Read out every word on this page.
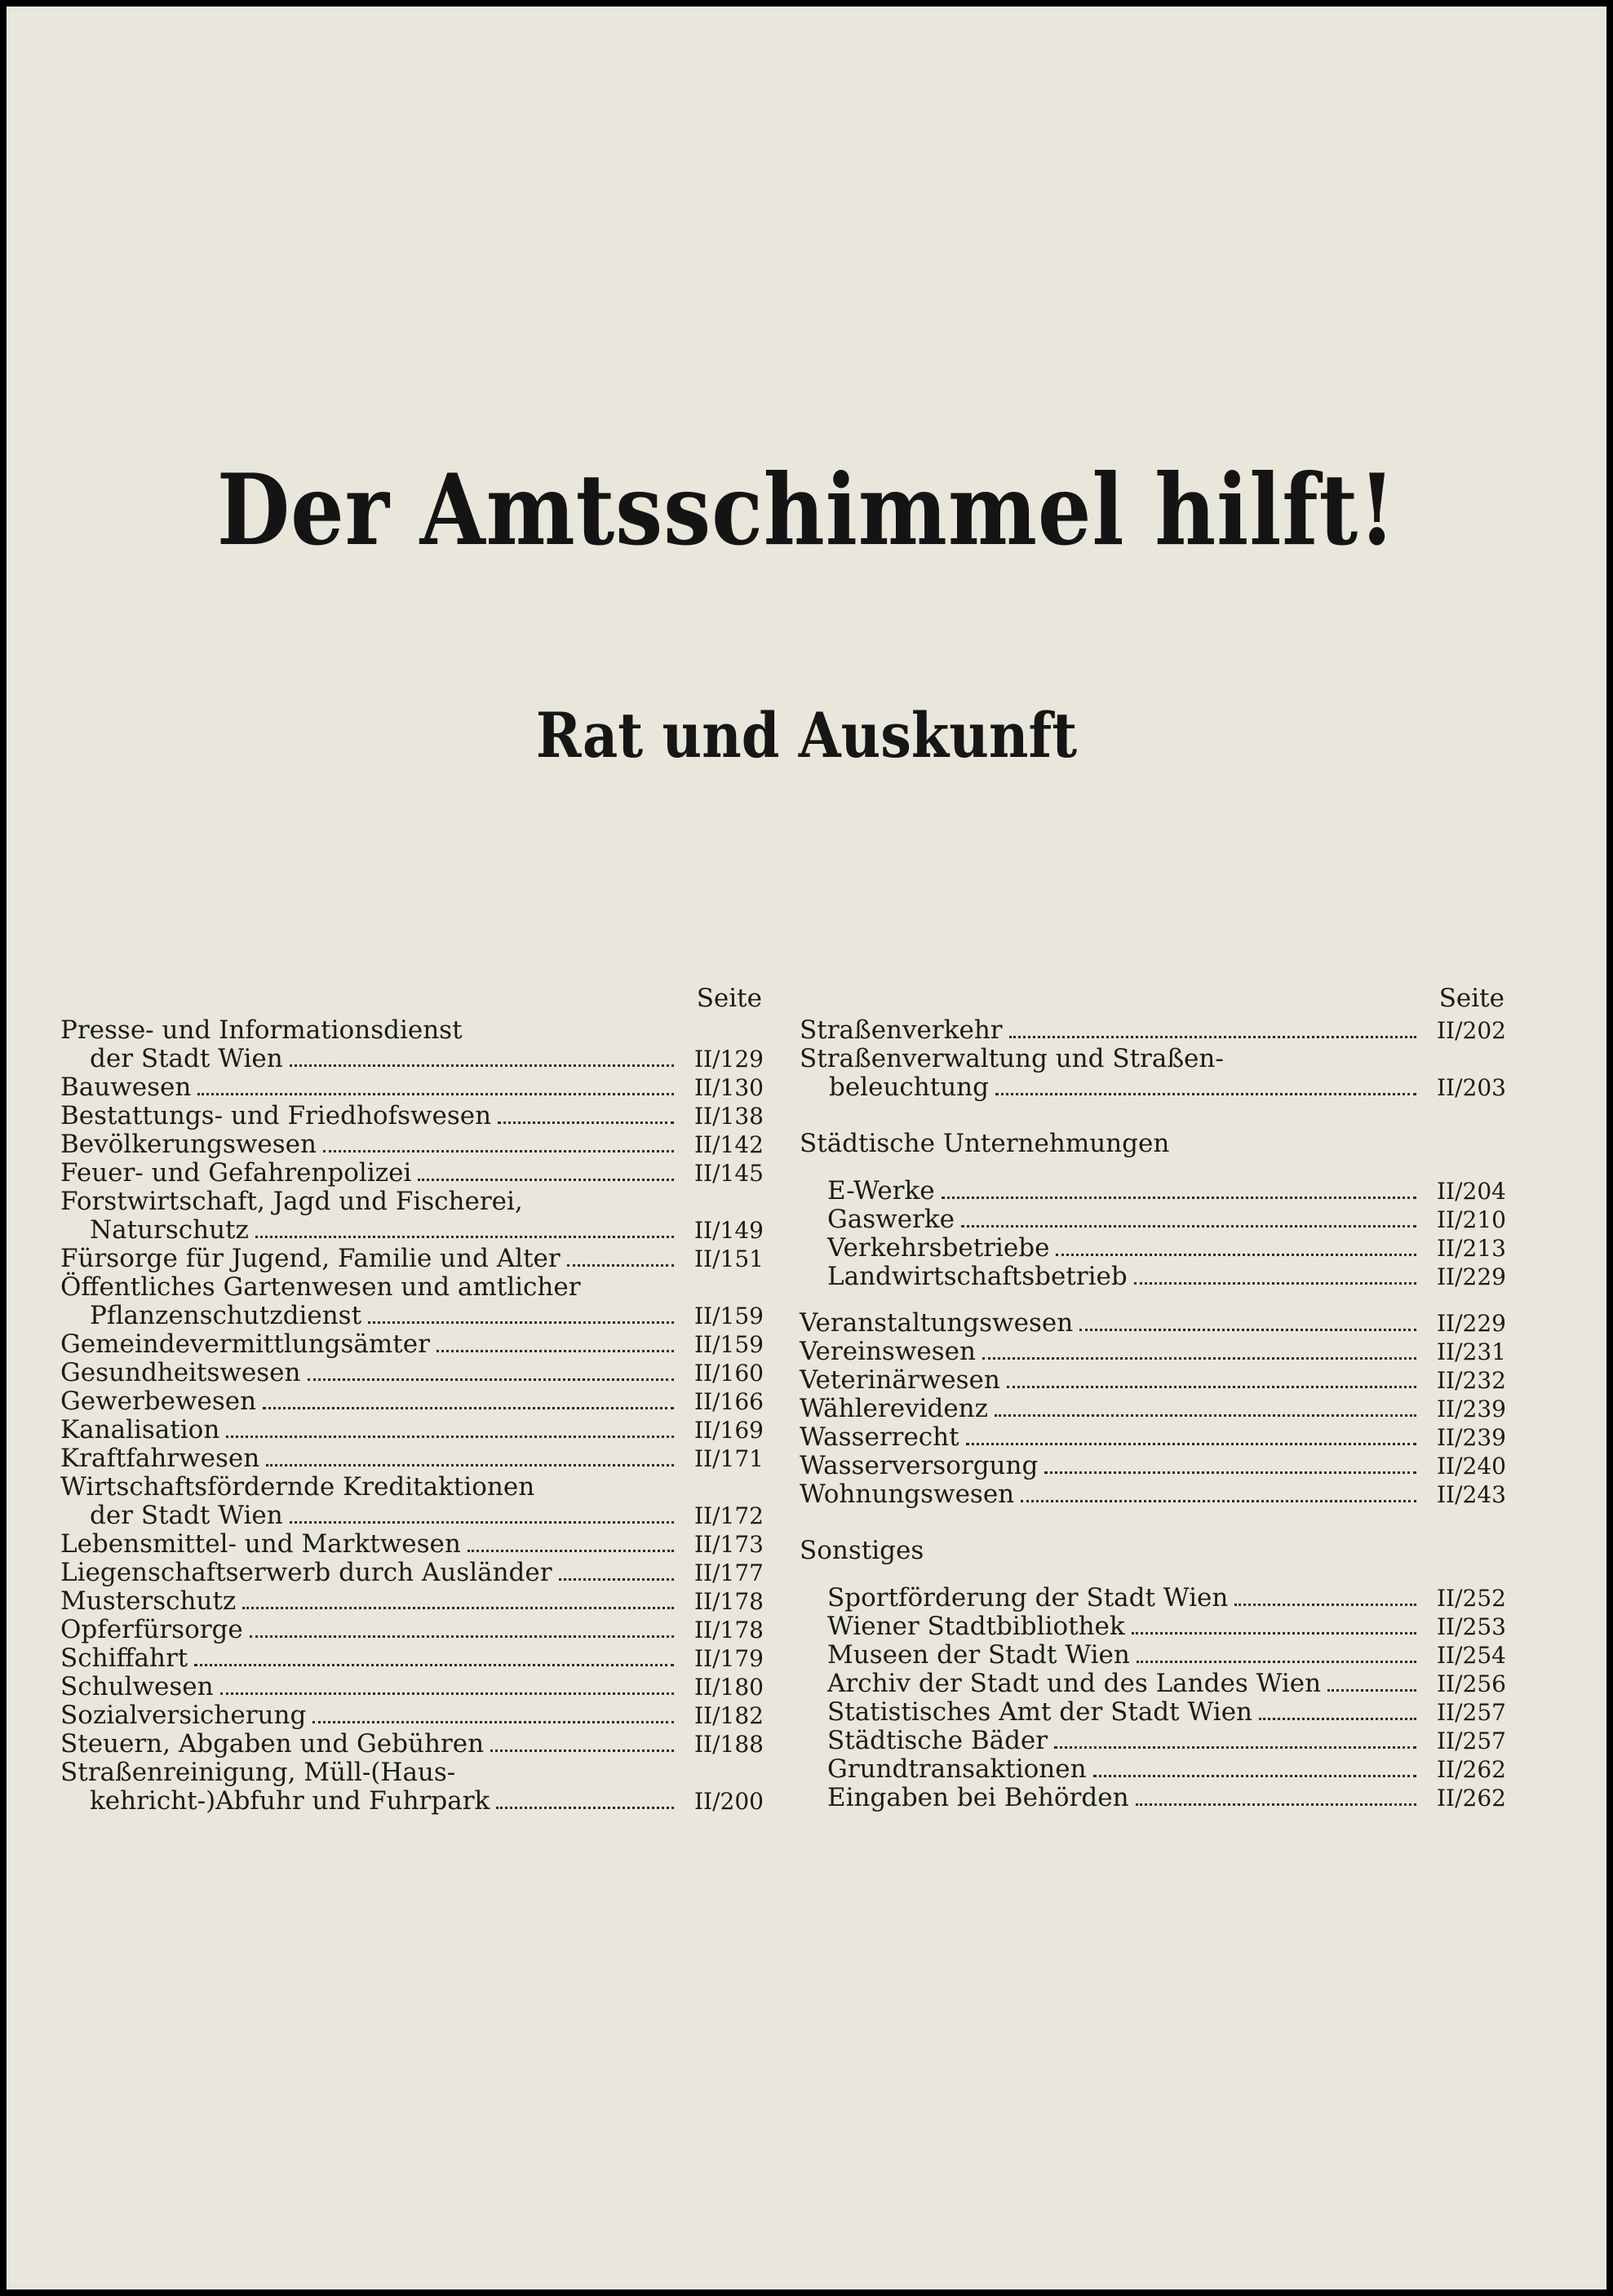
Der Amtsschimmel hilft!
Rat und Auskunft
Seite
Presse- und Informationsdienst
der Stadt Wien	II/129
Bauwesen	II/130
Bestattungs- und Friedhofswesen	II/138
Bevölkerungswesen	II/142
Feuer- und Gefahrenpolizei	II/145
Forstwirtschaft, Jagd und Fischerei,
Naturschutz	II/149
Fürsorge für Jugend, Familie und Alter	II/151
Öffentliches Gartenwesen und amtlicher
Pflanzenschutzdienst	II/159
Gemeindevermittlungsämter	II/159
Gesundheitswesen	II/160
Gewerbewesen	II/166
Kanalisation	II/169
Kraftfahrwesen	II/171
Wirtschaftsfördernde Kreditaktionen
der Stadt Wien	II/172
Lebensmittel- und Marktwesen	II/173
Liegenschaftserwerb durch Ausländer	II/177
Musterschutz	II/178
Opferfürsorge	II/178
Schiffahrt	II/179
Schulwesen	II/180
Sozialversicherung	II/182
Steuern, Abgaben und Gebühren	II/188
Straßenreinigung, Müll-(Haus-
kehricht-)Abfuhr und Fuhrpark	II/200
Seite
Straßenverkehr	II/202
Straßenverwaltung und Straßen-
beleuchtung	II/203
Städtische Unternehmungen
E-Werke	II/204
Gaswerke	II/210
Verkehrsbetriebe	II/213
Landwirtschaftsbetrieb	II/229
Veranstaltungswesen	II/229
Vereinswesen	II/231
Veterinärwesen	II/232
Wählerevidenz	II/239
Wasserrecht	II/239
Wasserversorgung	II/240
Wohnungswesen	II/243
Sonstiges
Sportförderung der Stadt Wien	II/252
Wiener Stadtbibliothek	II/253
Museen der Stadt Wien	II/254
Archiv der Stadt und des Landes Wien	II/256
Statistisches Amt der Stadt Wien	II/257
Städtische Bäder	II/257
Grundtransaktionen	II/262
Eingaben bei Behörden	II/262
